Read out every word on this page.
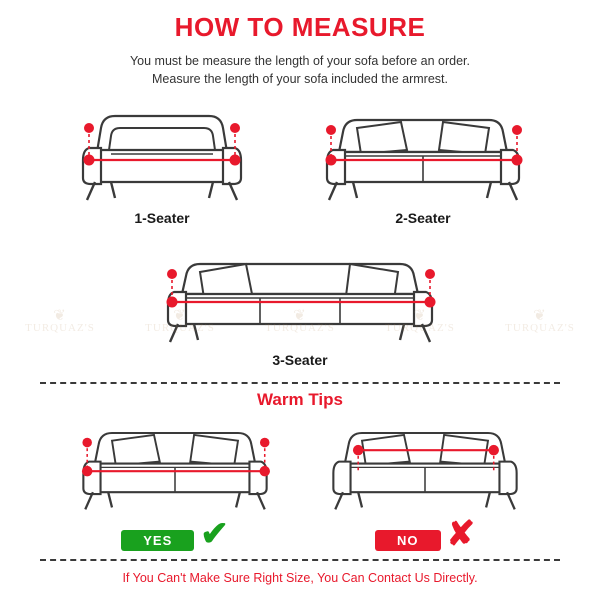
HOW TO MEASURE
You must be measure the length of your sofa before an order.
Measure the length of your sofa included the armrest.
1-Seater	2-Seater
3-Seater
Warm Tips
YES ✔	NO ✘
If You Can't Make Sure Right Size, You Can Contact Us Directly.
❦
TURQUAZ'S	TURQUAZ'S	TURQUAZ'S	TURQUAZ'S
❦
TURQUAZ'S
